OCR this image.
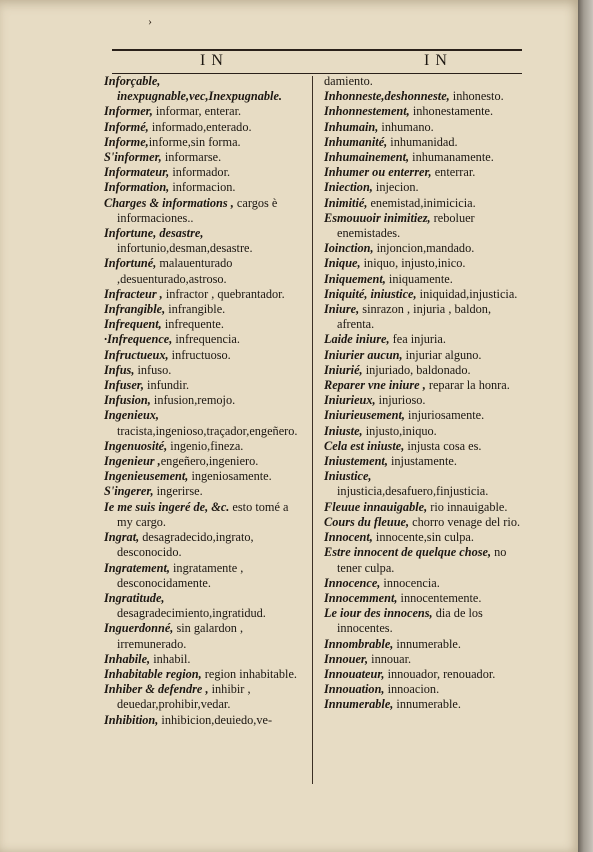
›
IN	IN

Inforçable, inexpugnable,vec,Inexpugnable.

Informer, informar, enterar.

Informé, informado,enterado.

Informe,informe,sin forma.

S'informer, informarse.

Informateur, informador.

Information, informacion.

Charges & informations , cargos è informaciones..

Infortune, desastre, infortunio,desman,desastre.

Infortuné, malauenturado ,desuenturado,astroso.

Infracteur , infractor , quebrantador.

Infrangible, infrangible.

Infrequent, infrequente.

·Infrequence, infrequencia.

Infructueux, infructuoso.

Infus, infuso.

Infuser, infundir.

Infusion, infusion,remojo.

Ingenieux, tracista,ingenioso,traçador,engeñero.

Ingenuosité, ingenio,fineza.

Ingenieur ,engeñero,ingeniero.

Ingenieusement, ingeniosamente.

S'ingerer, ingerirse.

Ie me suis ingeré de, &c. esto tomé a my cargo.

Ingrat, desagradecido,ingrato, desconocido.

Ingratement, ingratamente , desconocidamente.

Ingratitude, desagradecimiento,ingratidud.

Inguerdonné, sin galardon , irremunerado.

Inhabile, inhabil.

Inhabitable region, region inhabitable.

Inhiber & defendre , inhibir , deuedar,prohibir,vedar.

Inhibition, inhibicion,deuiedo,ve-

damiento.

Inhonneste,deshonneste, inhonesto.

Inhonnestement, inhonestamente.

Inhumain, inhumano.

Inhumanité, inhumanidad.

Inhumainement, inhumanamente.

Inhumer ou enterrer, enterrar.

Iniection, injecion.

Inimitié, enemistad,inimicicia.

Esmouuoir inimitiez, reboluer enemistades.

Ioinction, injoncion,mandado.

Inique, iniquo, injusto,inico.

Iniquement, iniquamente.

Iniquité, iniustice, iniquidad,injusticia.

Iniure, sinrazon , injuria , baldon, afrenta.

Laide iniure, fea injuria.

Iniurier aucun, injuriar alguno.

Iniurié, injuriado, baldonado.

Reparer vne iniure , reparar la honra.

Iniurieux, injurioso.

Iniurieusement, injuriosamente.

Iniuste, injusto,iniquo.

Cela est iniuste, injusta cosa es.

Iniustement, injustamente.

Iniustice, injusticia,desafuero,finjusticia.

Fleuue innauigable, rio innauigable.

Cours du fleuue, chorro venage del rio.

Innocent, innocente,sin culpa.

Estre innocent de quelque chose, no tener culpa.

Innocence, innocencia.

Innocemment, innocentemente.

Le iour des innocens, dia de los innocentes.

Innombrable, innumerable.

Innouer, innouar.

Innouateur, innouador, renouador.

Innouation, innoacion.

Innumerable, innumerable.
